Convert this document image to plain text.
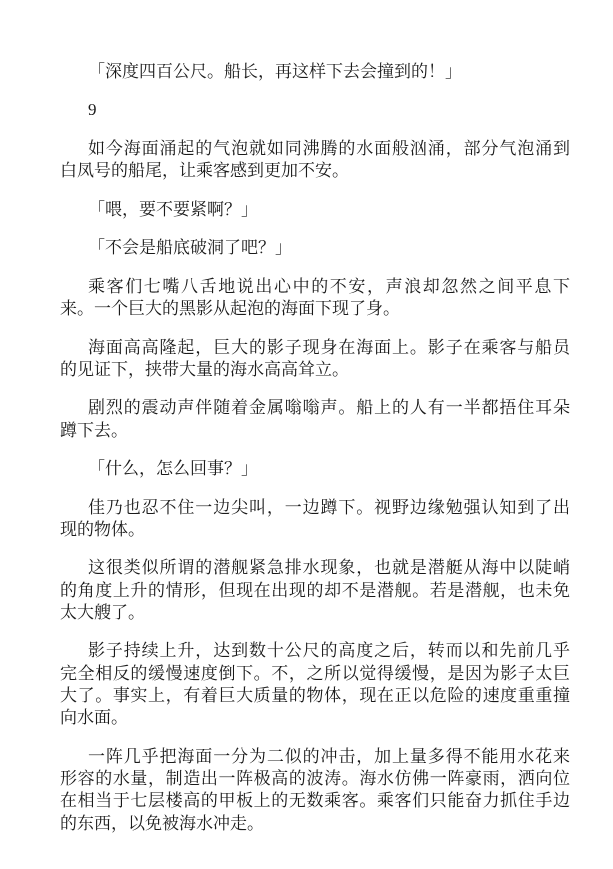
「深度四百公尺。船长，再这样下去会撞到的！」
9
如今海面涌起的气泡就如同沸腾的水面般汹涌，部分气泡涌到
白凤号的船尾，让乘客感到更加不安。
「喂，要不要紧啊？」
「不会是船底破洞了吧？」
乘客们七嘴八舌地说出心中的不安，声浪却忽然之间平息下
来。一个巨大的黑影从起泡的海面下现了身。
海面高高隆起，巨大的影子现身在海面上。影子在乘客与船员
的见证下，挟带大量的海水高高耸立。
剧烈的震动声伴随着金属嗡嗡声。船上的人有一半都捂住耳朵
蹲下去。
「什么，怎么回事？」
佳乃也忍不住一边尖叫，一边蹲下。视野边缘勉强认知到了出
现的物体。
这很类似所谓的潜舰紧急排水现象，也就是潜艇从海中以陡峭
的角度上升的情形，但现在出现的却不是潜舰。若是潜舰，也未免
太大艘了。
影子持续上升，达到数十公尺的高度之后，转而以和先前几乎
完全相反的缓慢速度倒下。不，之所以觉得缓慢，是因为影子太巨
大了。事实上，有着巨大质量的物体，现在正以危险的速度重重撞
向水面。
一阵几乎把海面一分为二似的冲击，加上量多得不能用水花来
形容的水量，制造出一阵极高的波涛。海水仿佛一阵豪雨，洒向位
在相当于七层楼高的甲板上的无数乘客。乘客们只能奋力抓住手边
的东西，以免被海水冲走。
